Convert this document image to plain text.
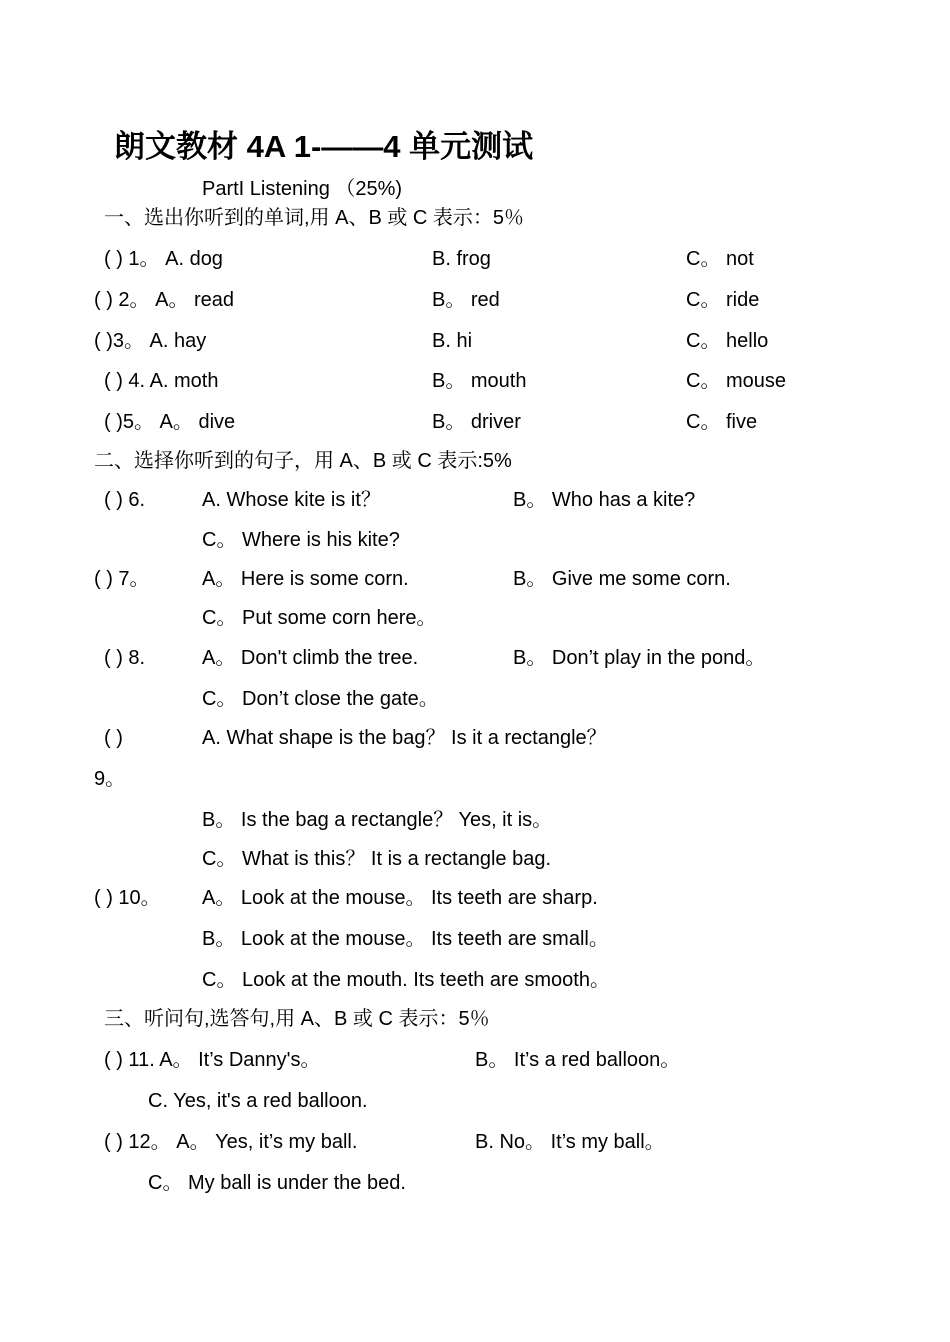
朗文教材 4A 1-——4 单元测试
PartI Listening （25%)
一、选出你听到的单词,用 A、B 或 C 表示：5％
( ) 1。 A. dog	B. frog	C。 not
( ) 2。 A。 read	B。 red	C。 ride
( )3。 A. hay	B. hi	C。 hello
( ) 4. A. moth	B。 mouth	C。 mouse
( )5。 A。 dive	B。 driver	C。 five
二、选择你听到的句子，用 A、B 或 C 表示:5%
( ) 6.	A. Whose kite is it？	B。 Who has a kite?
C。 Where is his kite?
( ) 7。	A。 Here is some corn.	B。 Give me some corn.
C。 Put some corn here。
( ) 8.	A。 Don't climb the tree.	B。 Don’t play in the pond。
C。 Don’t close the gate。
( )	A. What shape is the bag？ Is it a rectangle？
9。
B。 Is the bag a rectangle？ Yes, it is。
C。 What is this？ It is a rectangle bag.
( ) 10。 A。 Look at the mouse。 Its teeth are sharp.
B。 Look at the mouse。 Its teeth are small。
C。 Look at the mouth. Its teeth are smooth。
三、听问句,选答句,用 A、B 或 C 表示：5％
( ) 11. A。 It’s Danny's。	B。 It’s a red balloon。
C. Yes, it's a red balloon.
( ) 12。 A。 Yes, it’s my ball.	B. No。 It’s my ball。
C。 My ball is under the bed.
